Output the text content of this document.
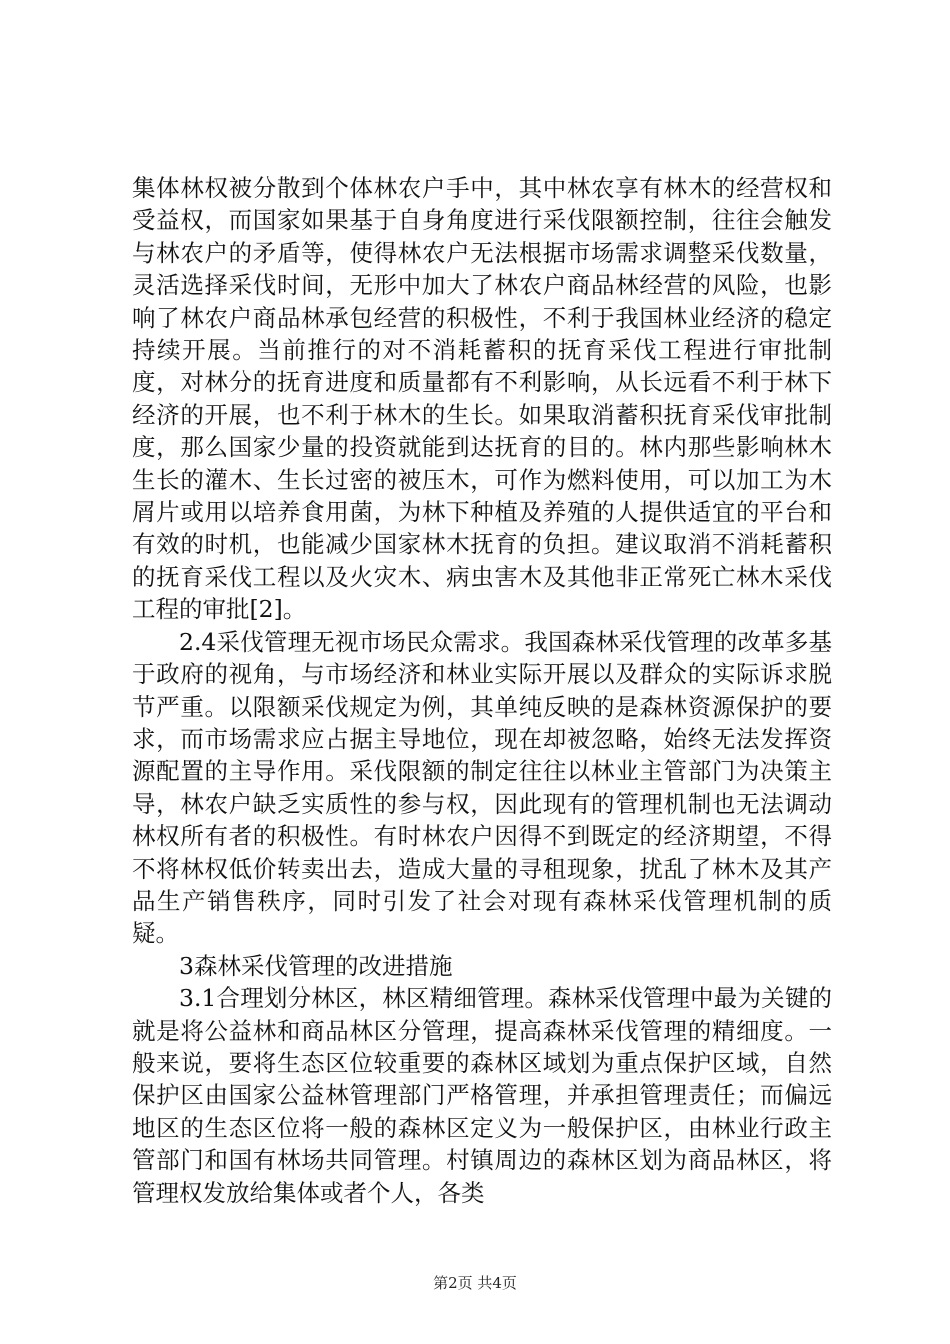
集体林权被分散到个体林农户手中，其中林农享有林木的经营权和受益权，而国家如果基于自身角度进行采伐限额控制，往往会触发与林农户的矛盾等，使得林农户无法根据市场需求调整采伐数量，灵活选择采伐时间，无形中加大了林农户商品林经营的风险，也影响了林农户商品林承包经营的积极性，不利于我国林业经济的稳定持续开展。当前推行的对不消耗蓄积的抚育采伐工程进行审批制度，对林分的抚育进度和质量都有不利影响，从长远看不利于林下经济的开展，也不利于林木的生长。如果取消蓄积抚育采伐审批制度，那么国家少量的投资就能到达抚育的目的。林内那些影响林木生长的灌木、生长过密的被压木，可作为燃料使用，可以加工为木屑片或用以培养食用菌，为林下种植及养殖的人提供适宜的平台和有效的时机，也能减少国家林木抚育的负担。建议取消不消耗蓄积的抚育采伐工程以及火灾木、病虫害木及其他非正常死亡林木采伐工程的审批[2]。

2.4采伐管理无视市场民众需求。我国森林采伐管理的改革多基于政府的视角，与市场经济和林业实际开展以及群众的实际诉求脱节严重。以限额采伐规定为例，其单纯反映的是森林资源保护的要求，而市场需求应占据主导地位，现在却被忽略，始终无法发挥资源配置的主导作用。采伐限额的制定往往以林业主管部门为决策主导，林农户缺乏实质性的参与权，因此现有的管理机制也无法调动林权所有者的积极性。有时林农户因得不到既定的经济期望，不得不将林权低价转卖出去，造成大量的寻租现象，扰乱了林木及其产品生产销售秩序，同时引发了社会对现有森林采伐管理机制的质疑。

3森林采伐管理的改进措施

3.1合理划分林区，林区精细管理。森林采伐管理中最为关键的就是将公益林和商品林区分管理，提高森林采伐管理的精细度。一般来说，要将生态区位较重要的森林区域划为重点保护区域，自然保护区由国家公益林管理部门严格管理，并承担管理责任；而偏远地区的生态区位将一般的森林区定义为一般保护区，由林业行政主管部门和国有林场共同管理。村镇周边的森林区划为商品林区，将管理权发放给集体或者个人，各类

第2页 共4页
